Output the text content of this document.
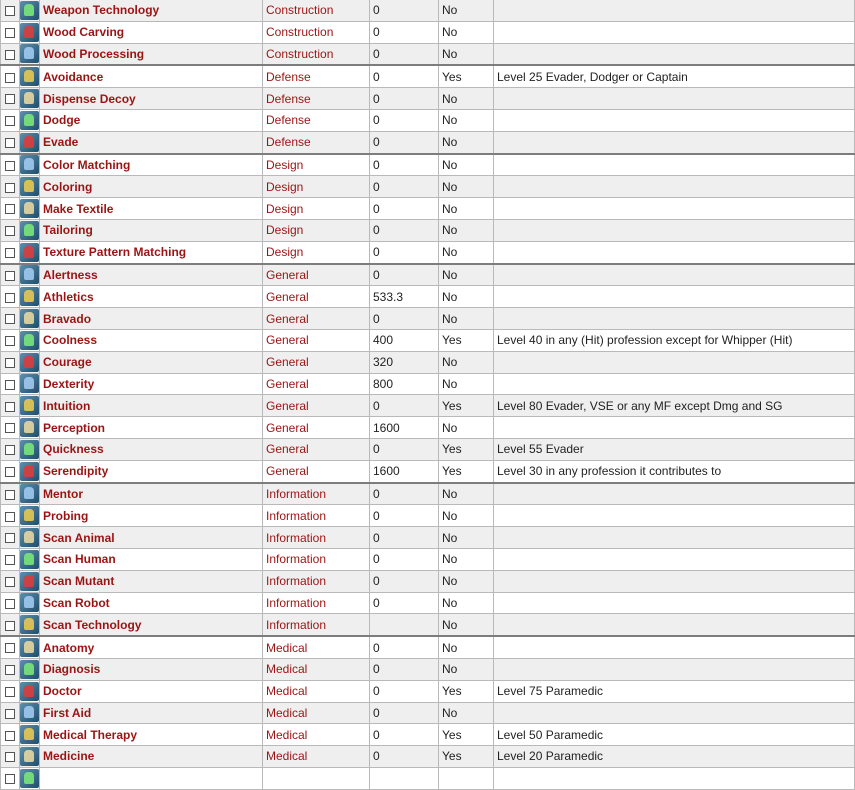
	Weapon Technology	Construction	0	No	

	Wood Carving	Construction	0	No	

	Wood Processing	Construction	0	No	

	Avoidance	Defense	0	Yes	Level 25 Evader, Dodger or Captain

	Dispense Decoy	Defense	0	No	

	Dodge	Defense	0	No	

	Evade	Defense	0	No	

	Color Matching	Design	0	No	

	Coloring	Design	0	No	

	Make Textile	Design	0	No	

	Tailoring	Design	0	No	

	Texture Pattern Matching	Design	0	No	

	Alertness	General	0	No	

	Athletics	General	533.3	No	

	Bravado	General	0	No	

	Coolness	General	400	Yes	Level 40 in any (Hit) profession except for Whipper (Hit)

	Courage	General	320	No	

	Dexterity	General	800	No	

	Intuition	General	0	Yes	Level 80 Evader, VSE or any MF except Dmg and SG

	Perception	General	1600	No	

	Quickness	General	0	Yes	Level 55 Evader

	Serendipity	General	1600	Yes	Level 30 in any profession it contributes to

	Mentor	Information	0	No	

	Probing	Information	0	No	

	Scan Animal	Information	0	No	

	Scan Human	Information	0	No	

	Scan Mutant	Information	0	No	

	Scan Robot	Information	0	No	

	Scan Technology	Information		No	

	Anatomy	Medical	0	No	

	Diagnosis	Medical	0	No	

	Doctor	Medical	0	Yes	Level 75 Paramedic

	First Aid	Medical	0	No	

	Medical Therapy	Medical	0	Yes	Level 50 Paramedic

	Medicine	Medical	0	Yes	Level 20 Paramedic
